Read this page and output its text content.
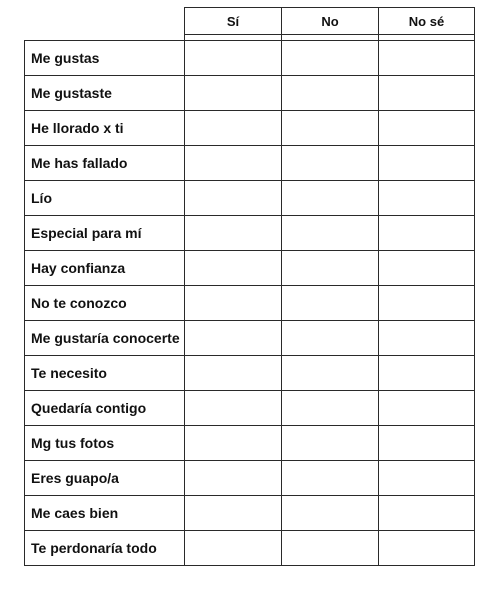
	Sí	No	No sé

Me gustas			
Me gustaste			
He llorado x ti			
Me has fallado			
Lío			
Especial para mí			
Hay confianza			
No te conozco			
Me gustaría conocerte			
Te necesito			
Quedaría contigo			
Mg tus fotos			
Eres guapo/a			
Me caes bien			
Te perdonaría todo			
